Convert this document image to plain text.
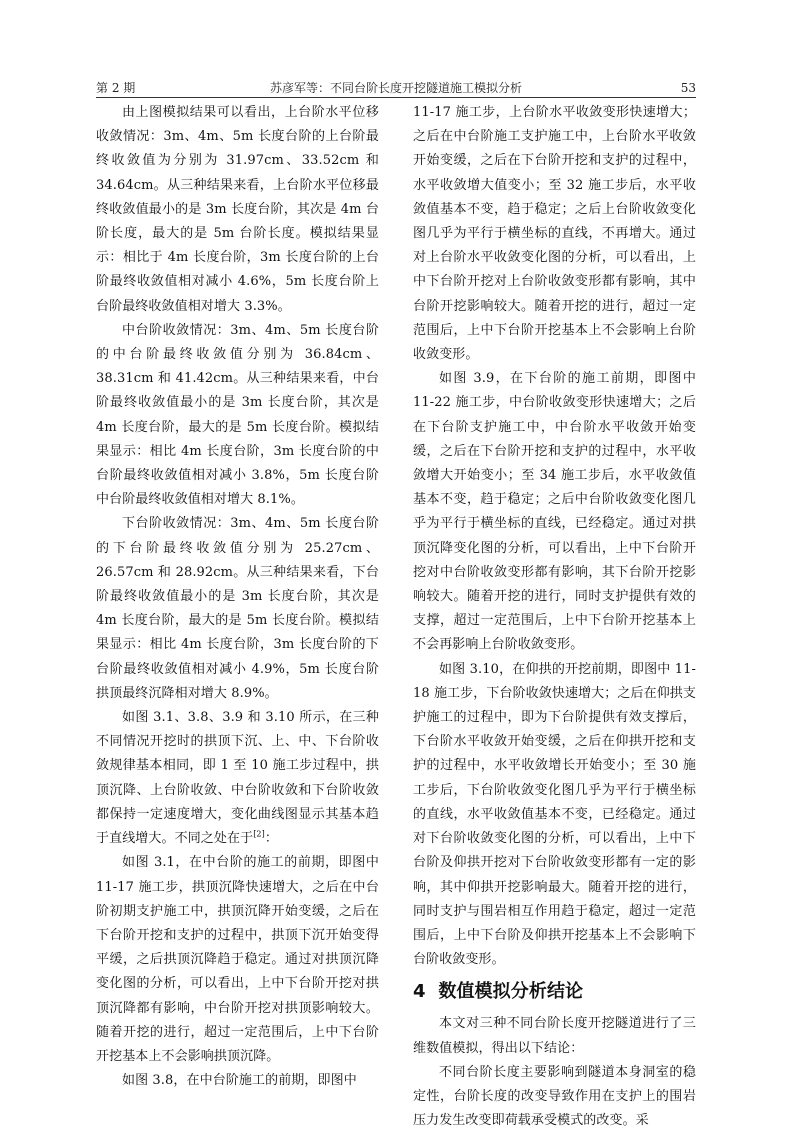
第 2 期	苏彦军等：不同台阶长度开挖隧道施工模拟分析	53

由上图模拟结果可以看出，上台阶水平位移收敛情况：3m、4m、5m 长度台阶的上台阶最终收敛值为分别为 31.97cm、33.52cm 和 34.64cm。从三种结果来看，上台阶水平位移最终收敛值最小的是 3m 长度台阶，其次是 4m 台阶长度，最大的是 5m 台阶长度。模拟结果显示：相比于 4m 长度台阶，3m 长度台阶的上台阶最终收敛值相对减小 4.6%，5m 长度台阶上台阶最终收敛值相对增大 3.3%。

中台阶收敛情况：3m、4m、5m 长度台阶的中台阶最终收敛值分别为 36.84cm、38.31cm 和 41.42cm。从三种结果来看，中台阶最终收敛值最小的是 3m 长度台阶，其次是 4m 长度台阶，最大的是 5m 长度台阶。模拟结果显示：相比 4m 长度台阶，3m 长度台阶的中台阶最终收敛值相对减小 3.8%，5m 长度台阶中台阶最终收敛值相对增大 8.1%。

下台阶收敛情况：3m、4m、5m 长度台阶的下台阶最终收敛值分别为 25.27cm、26.57cm 和 28.92cm。从三种结果来看，下台阶最终收敛值最小的是 3m 长度台阶，其次是 4m 长度台阶，最大的是 5m 长度台阶。模拟结果显示：相比 4m 长度台阶，3m 长度台阶的下台阶最终收敛值相对减小 4.9%，5m 长度台阶拱顶最终沉降相对增大 8.9%。

如图 3.1、3.8、3.9 和 3.10 所示，在三种不同情况开挖时的拱顶下沉、上、中、下台阶收敛规律基本相同，即 1 至 10 施工步过程中，拱顶沉降、上台阶收敛、中台阶收敛和下台阶收敛都保持一定速度增大，变化曲线图显示其基本趋于直线增大。不同之处在于[2]：

如图 3.1，在中台阶的施工的前期，即图中 11-17 施工步，拱顶沉降快速增大，之后在中台阶初期支护施工中，拱顶沉降开始变缓，之后在下台阶开挖和支护的过程中，拱顶下沉开始变得平缓，之后拱顶沉降趋于稳定。通过对拱顶沉降变化图的分析，可以看出，上中下台阶开挖对拱顶沉降都有影响，中台阶开挖对拱顶影响较大。随着开挖的进行，超过一定范围后，上中下台阶开挖基本上不会影响拱顶沉降。

如图 3.8，在中台阶施工的前期，即图中

11-17 施工步，上台阶水平收敛变形快速增大；之后在中台阶施工支护施工中，上台阶水平收敛开始变缓，之后在下台阶开挖和支护的过程中，水平收敛增大值变小；至 32 施工步后，水平收敛值基本不变，趋于稳定；之后上台阶收敛变化图几乎为平行于横坐标的直线，不再增大。通过对上台阶水平收敛变化图的分析，可以看出，上中下台阶开挖对上台阶收敛变形都有影响，其中台阶开挖影响较大。随着开挖的进行，超过一定范围后，上中下台阶开挖基本上不会影响上台阶收敛变形。

如图 3.9，在下台阶的施工前期，即图中 11-22 施工步，中台阶收敛变形快速增大；之后在下台阶支护施工中，中台阶水平收敛开始变缓，之后在下台阶开挖和支护的过程中，水平收敛增大开始变小；至 34 施工步后，水平收敛值基本不变，趋于稳定；之后中台阶收敛变化图几乎为平行于横坐标的直线，已经稳定。通过对拱顶沉降变化图的分析，可以看出，上中下台阶开挖对中台阶收敛变形都有影响，其下台阶开挖影响较大。随着开挖的进行，同时支护提供有效的支撑，超过一定范围后，上中下台阶开挖基本上不会再影响上台阶收敛变形。

如图 3.10，在仰拱的开挖前期，即图中 11-18 施工步，下台阶收敛快速增大；之后在仰拱支护施工的过程中，即为下台阶提供有效支撑后，下台阶水平收敛开始变缓，之后在仰拱开挖和支护的过程中，水平收敛增长开始变小；至 30 施工步后，下台阶收敛变化图几乎为平行于横坐标的直线，水平收敛值基本不变，已经稳定。通过对下台阶收敛变化图的分析，可以看出，上中下台阶及仰拱开挖对下台阶收敛变形都有一定的影响，其中仰拱开挖影响最大。随着开挖的进行，同时支护与围岩相互作用趋于稳定，超过一定范围后，上中下台阶及仰拱开挖基本上不会影响下台阶收敛变形。

4 数值模拟分析结论

本文对三种不同台阶长度开挖隧道进行了三维数值模拟，得出以下结论：

不同台阶长度主要影响到隧道本身洞室的稳定性，台阶长度的改变导致作用在支护上的围岩压力发生改变即荷载承受模式的改变。采
